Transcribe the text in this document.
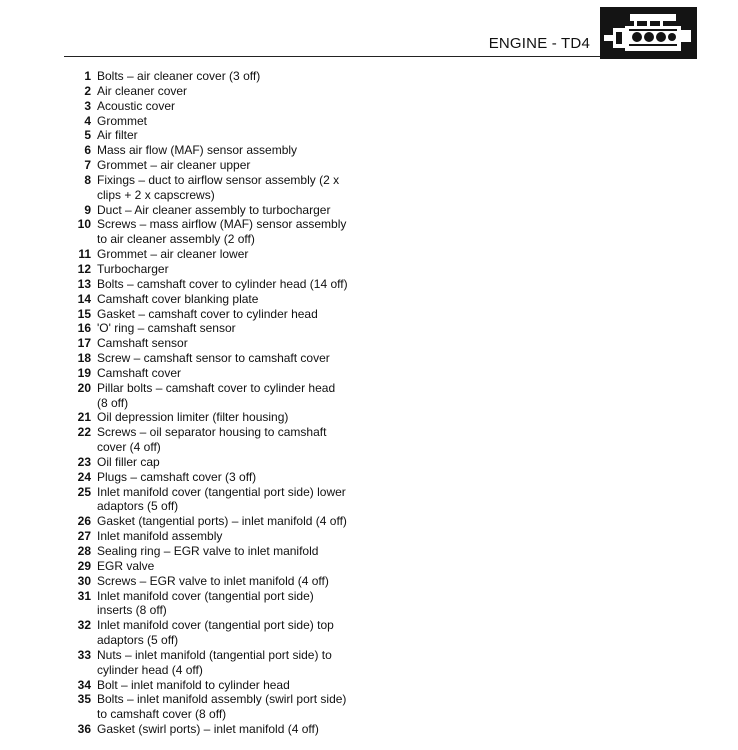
ENGINE - TD4
1 Bolts – air cleaner cover (3 off)
2 Air cleaner cover
3 Acoustic cover
4 Grommet
5 Air filter
6 Mass air flow (MAF) sensor assembly
7 Grommet – air cleaner upper
8 Fixings – duct to airflow sensor assembly (2 x
clips + 2 x capscrews)
9 Duct – Air cleaner assembly to turbocharger
10 Screws – mass airflow (MAF) sensor assembly
to air cleaner assembly (2 off)
11 Grommet – air cleaner lower
12 Turbocharger
13 Bolts – camshaft cover to cylinder head (14 off)
14 Camshaft cover blanking plate
15 Gasket – camshaft cover to cylinder head
16 'O' ring – camshaft sensor
17 Camshaft sensor
18 Screw – camshaft sensor to camshaft cover
19 Camshaft cover
20 Pillar bolts – camshaft cover to cylinder head
(8 off)
21 Oil depression limiter (filter housing)
22 Screws – oil separator housing to camshaft
cover (4 off)
23 Oil filler cap
24 Plugs – camshaft cover (3 off)
25 Inlet manifold cover (tangential port side) lower
adaptors (5 off)
26 Gasket (tangential ports) – inlet manifold (4 off)
27 Inlet manifold assembly
28 Sealing ring – EGR valve to inlet manifold
29 EGR valve
30 Screws – EGR valve to inlet manifold (4 off)
31 Inlet manifold cover (tangential port side)
inserts (8 off)
32 Inlet manifold cover (tangential port side) top
adaptors (5 off)
33 Nuts – inlet manifold (tangential port side) to
cylinder head (4 off)
34 Bolt – inlet manifold to cylinder head
35 Bolts – inlet manifold assembly (swirl port side)
to camshaft cover (8 off)
36 Gasket (swirl ports) – inlet manifold (4 off)
